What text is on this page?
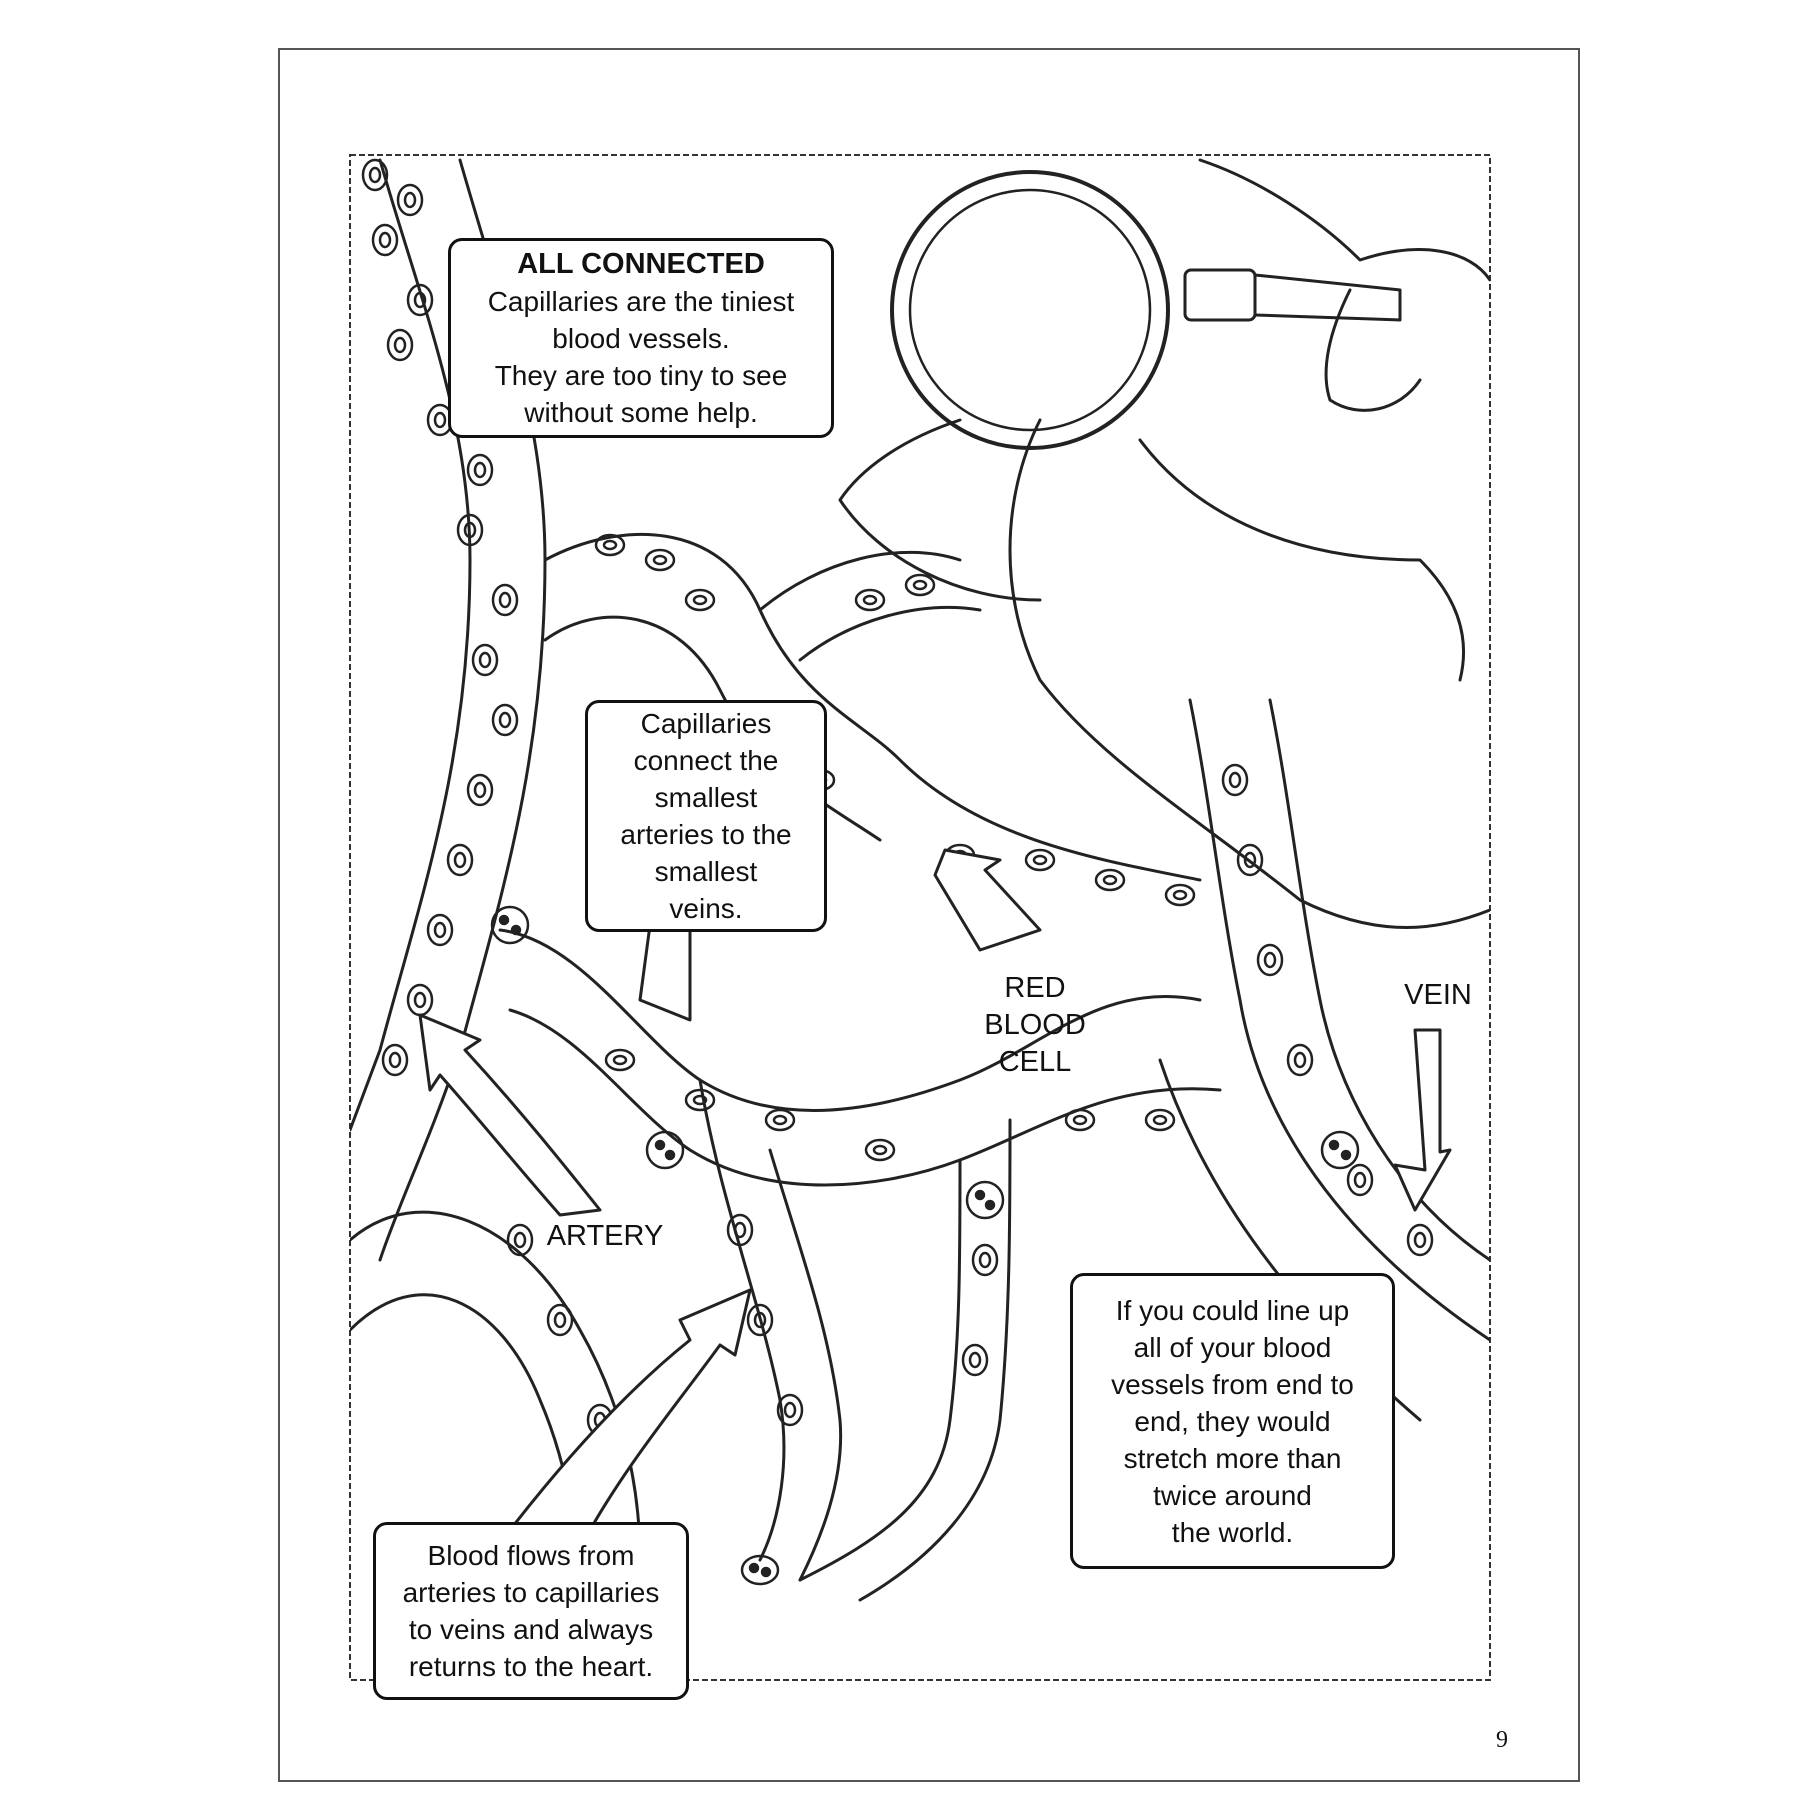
ALL CONNECTED
Capillaries are the tiniest
blood vessels.
They are too tiny to see
without some help.
Capillaries
connect the
smallest
arteries to the
smallest
veins.
If you could line up
all of your blood
vessels from end to
end, they would
stretch more than
twice around
the world.
Blood flows from
arteries to capillaries
to veins and always
returns to the heart.
RED
BLOOD
CELL
VEIN
ARTERY
9
